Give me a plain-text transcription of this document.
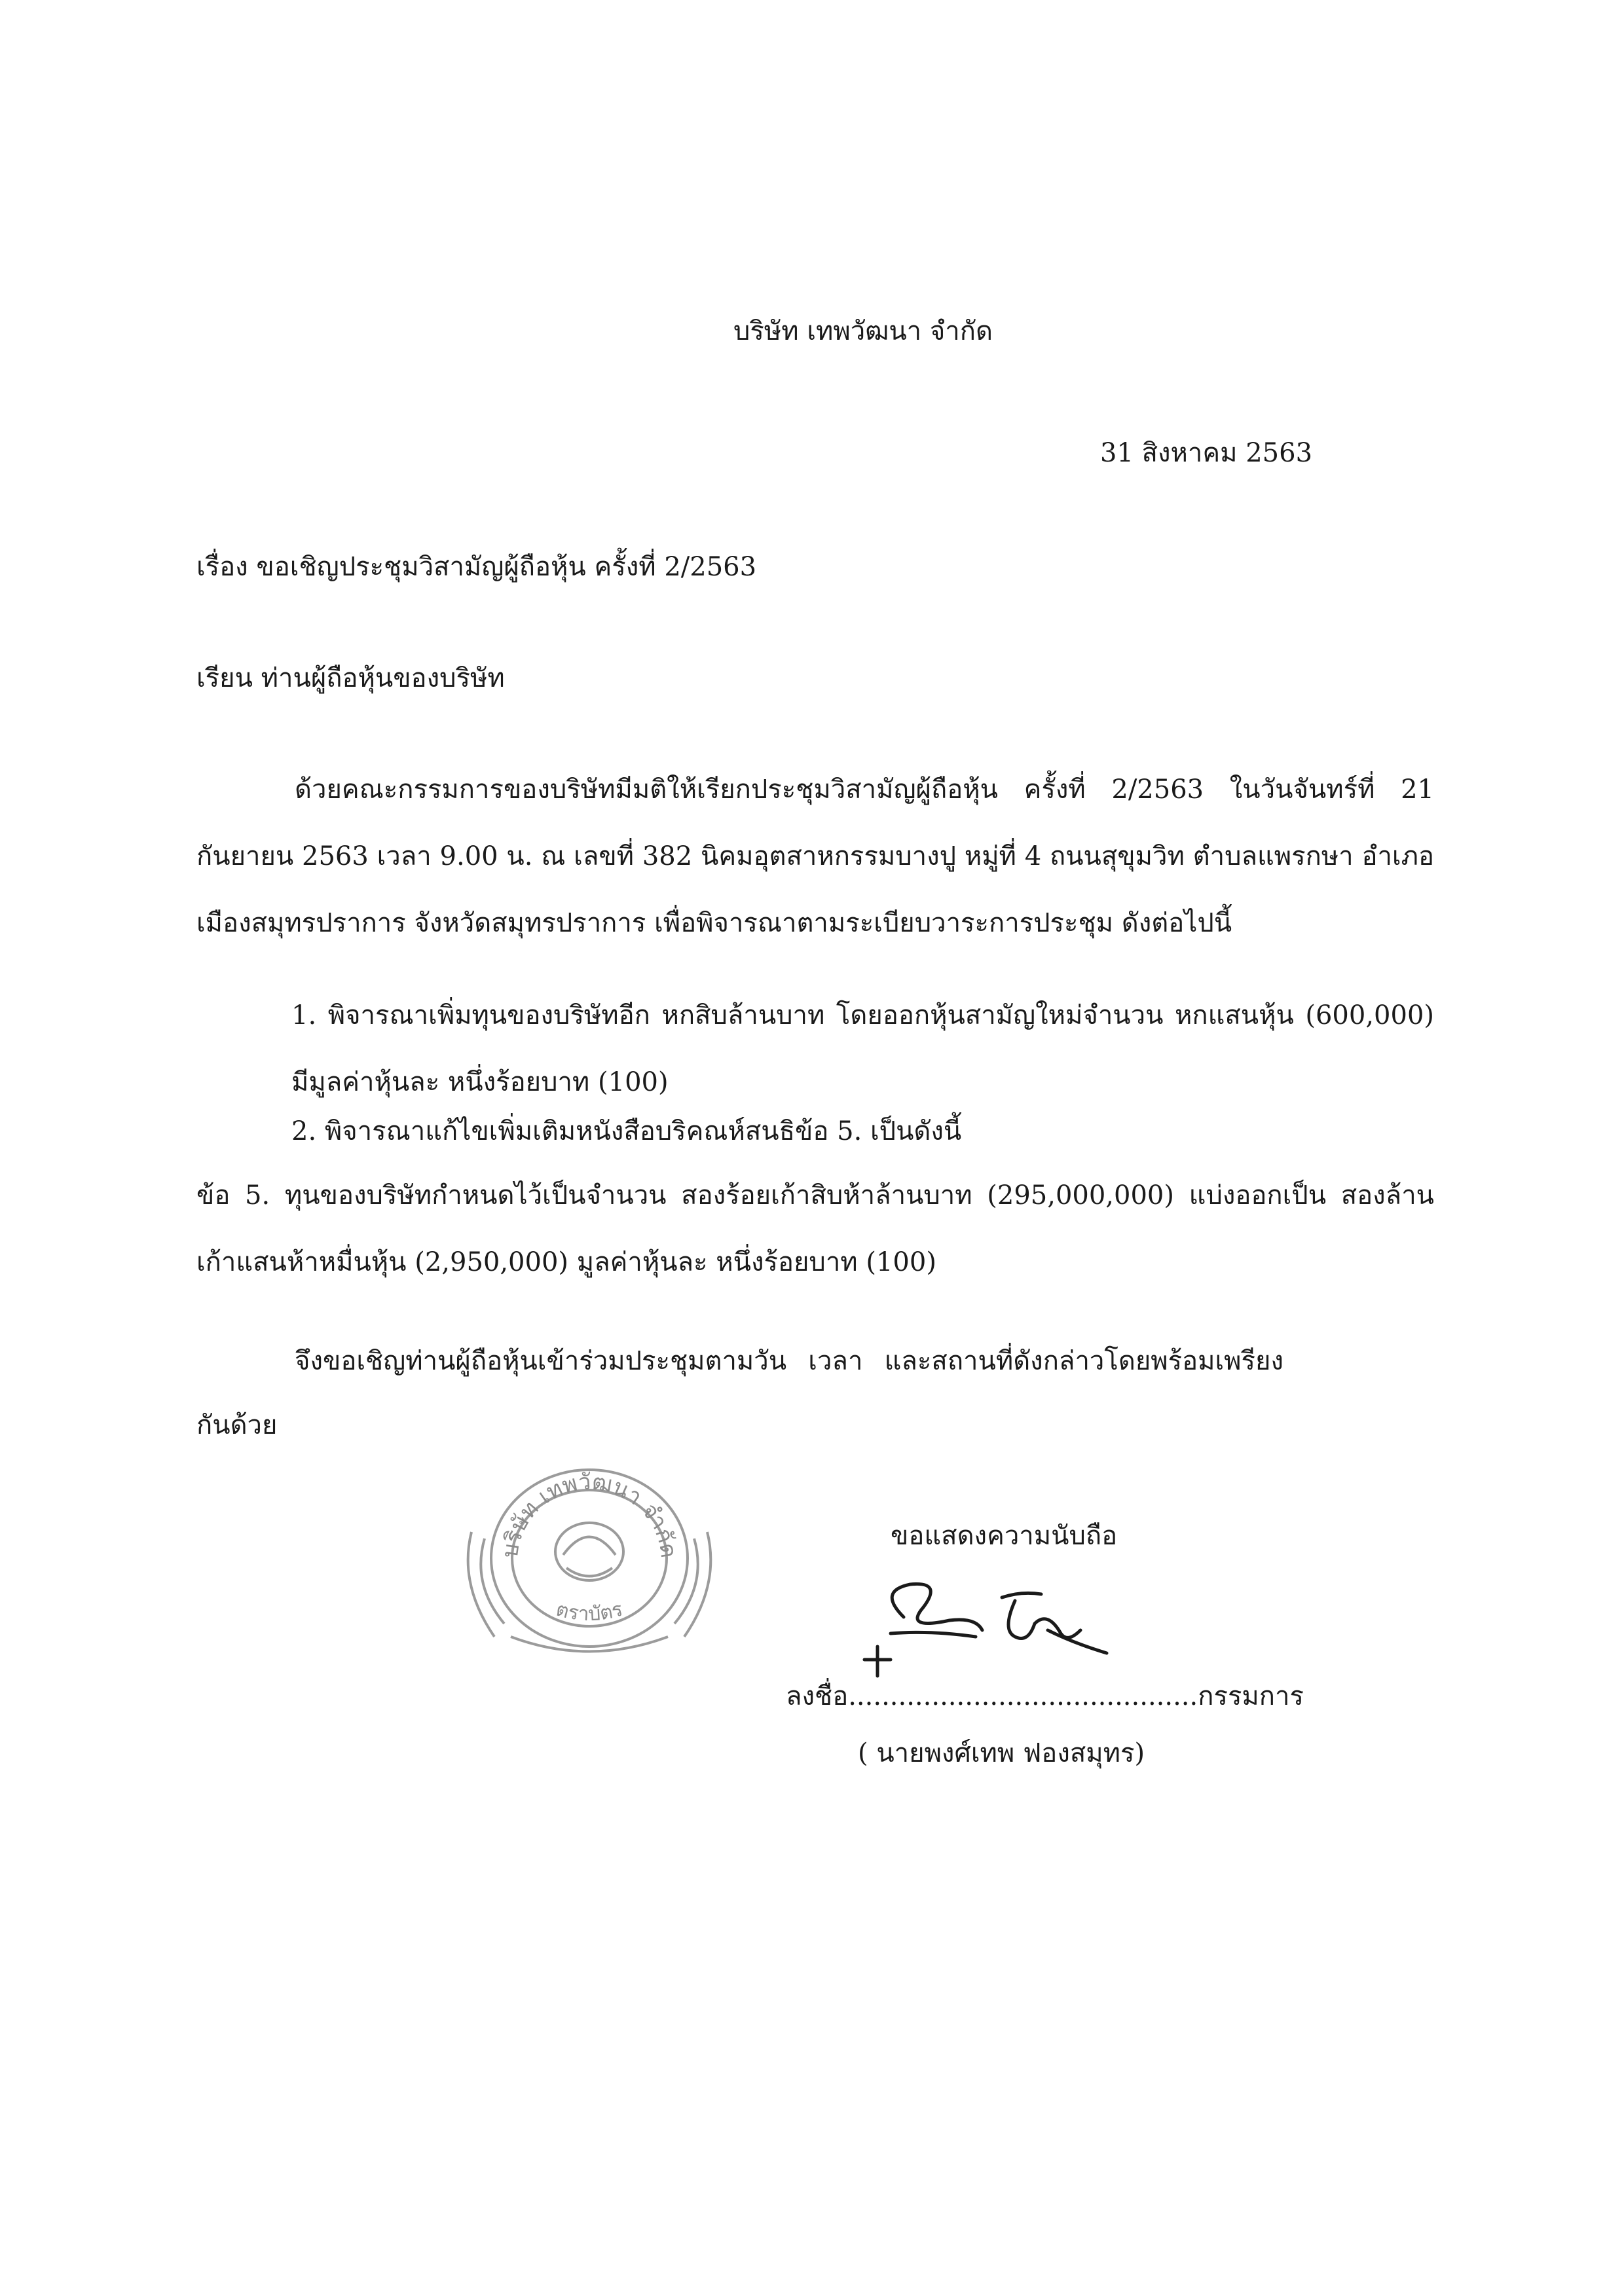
บริษัท เทพวัฒนา จำกัด
31 สิงหาคม 2563
เรื่อง ขอเชิญประชุมวิสามัญผู้ถือหุ้น ครั้งที่ 2/2563
เรียน ท่านผู้ถือหุ้นของบริษัท
ด้วยคณะกรรมการของบริษัทมีมติให้เรียกประชุมวิสามัญผู้ถือหุ้น ครั้งที่ 2/2563 ในวันจันทร์ที่ 21 กันยายน 2563 เวลา 9.00 น. ณ เลขที่ 382 นิคมอุตสาหกรรมบางปู หมู่ที่ 4 ถนนสุขุมวิท ตำบลแพรกษา อำเภอเมืองสมุทรปราการ จังหวัดสมุทรปราการ เพื่อพิจารณาตามระเบียบวาระการประชุม ดังต่อไปนี้
1. พิจารณาเพิ่มทุนของบริษัทอีก หกสิบล้านบาท โดยออกหุ้นสามัญใหม่จำนวน หกแสนหุ้น (600,000) มีมูลค่าหุ้นละ หนึ่งร้อยบาท (100)
2. พิจารณาแก้ไขเพิ่มเติมหนังสือบริคณห์สนธิข้อ 5. เป็นดังนี้
ข้อ 5. ทุนของบริษัทกำหนดไว้เป็นจำนวน สองร้อยเก้าสิบห้าล้านบาท (295,000,000) แบ่งออกเป็น สองล้านเก้าแสนห้าหมื่นหุ้น (2,950,000) มูลค่าหุ้นละ หนึ่งร้อยบาท (100)
จึงขอเชิญท่านผู้ถือหุ้นเข้าร่วมประชุมตามวัน เวลา และสถานที่ดังกล่าวโดยพร้อมเพรียงกันด้วย
บริษัท เทพวัฒนา จำกัด
ตราบัตร
ขอแสดงความนับถือ
ลงชื่อ..........................................กรรมการ
( นายพงศ์เทพ ฟองสมุทร)
